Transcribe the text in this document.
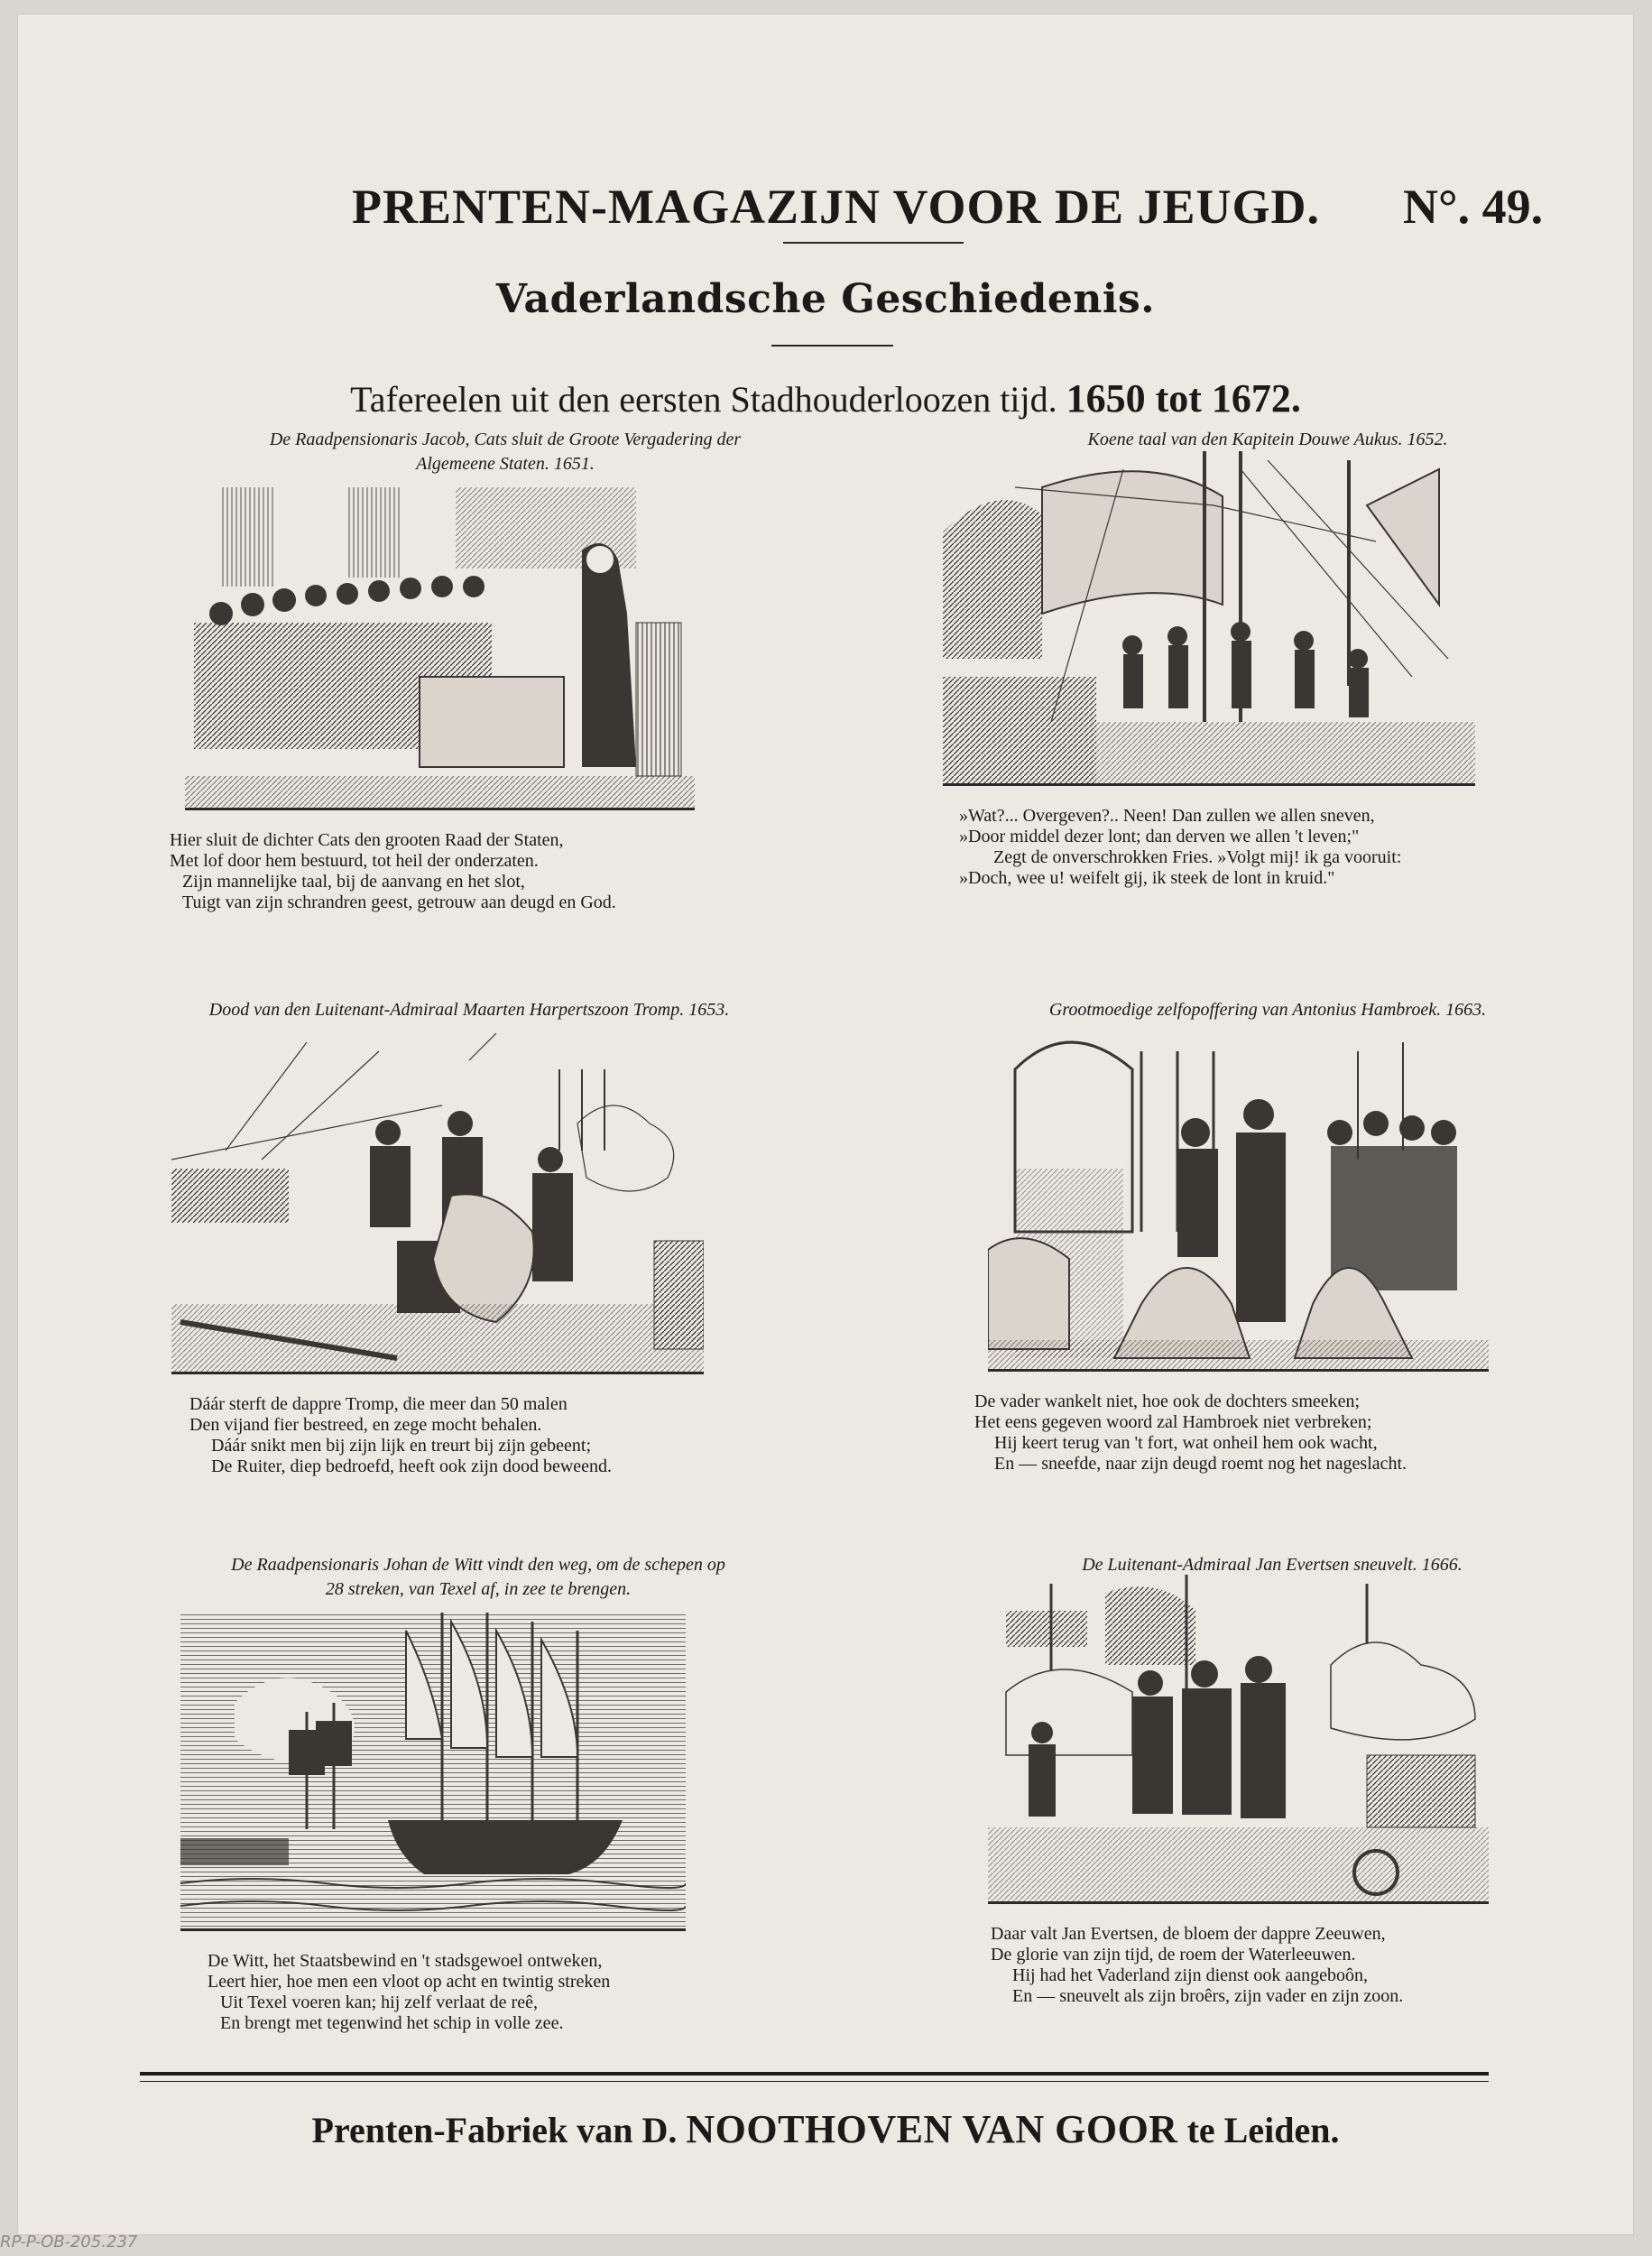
PRENTEN-MAGAZIJN VOOR DE JEUGD. N°. 49.
Vaderlandsche Geschiedenis.
Tafereelen uit den eersten Stadhouderloozen tijd. 1650 tot 1672.
De Raadpensionaris Jacob, Cats sluit de Groote Vergadering der
Algemeene Staten. 1651.
Hier sluit de dichter Cats den grooten Raad der Staten,
Met lof door hem bestuurd, tot heil der onderzaten.
Zijn mannelijke taal, bij de aanvang en het slot,
Tuigt van zijn schrandren geest, getrouw aan deugd en God.
Koene taal van den Kapitein Douwe Aukus. 1652.
»Wat?... Overgeven?.. Neen! Dan zullen we allen sneven,
»Door middel dezer lont; dan derven we allen 't leven;"
Zegt de onverschrokken Fries. »Volgt mij! ik ga vooruit:
»Doch, wee u! weifelt gij, ik steek de lont in kruid."
Dood van den Luitenant-Admiraal Maarten Harpertszoon Tromp. 1653.
Dáár sterft de dappre Tromp, die meer dan 50 malen
Den vijand fier bestreed, en zege mocht behalen.
Dáár snikt men bij zijn lijk en treurt bij zijn gebeent;
De Ruiter, diep bedroefd, heeft ook zijn dood beweend.
Grootmoedige zelfopoffering van Antonius Hambroek. 1663.
De vader wankelt niet, hoe ook de dochters smeeken;
Het eens gegeven woord zal Hambroek niet verbreken;
Hij keert terug van 't fort, wat onheil hem ook wacht,
En — sneefde, naar zijn deugd roemt nog het nageslacht.
De Raadpensionaris Johan de Witt vindt den weg, om de schepen op
28 streken, van Texel af, in zee te brengen.
De Witt, het Staatsbewind en 't stadsgewoel ontweken,
Leert hier, hoe men een vloot op acht en twintig streken
Uit Texel voeren kan; hij zelf verlaat de reê,
En brengt met tegenwind het schip in volle zee.
De Luitenant-Admiraal Jan Evertsen sneuvelt. 1666.
Daar valt Jan Evertsen, de bloem der dappre Zeeuwen,
De glorie van zijn tijd, de roem der Waterleeuwen.
Hij had het Vaderland zijn dienst ook aangeboôn,
En — sneuvelt als zijn broêrs, zijn vader en zijn zoon.
Prenten-Fabriek van D. NOOTHOVEN VAN GOOR te Leiden.
RP-P-OB-205.237
